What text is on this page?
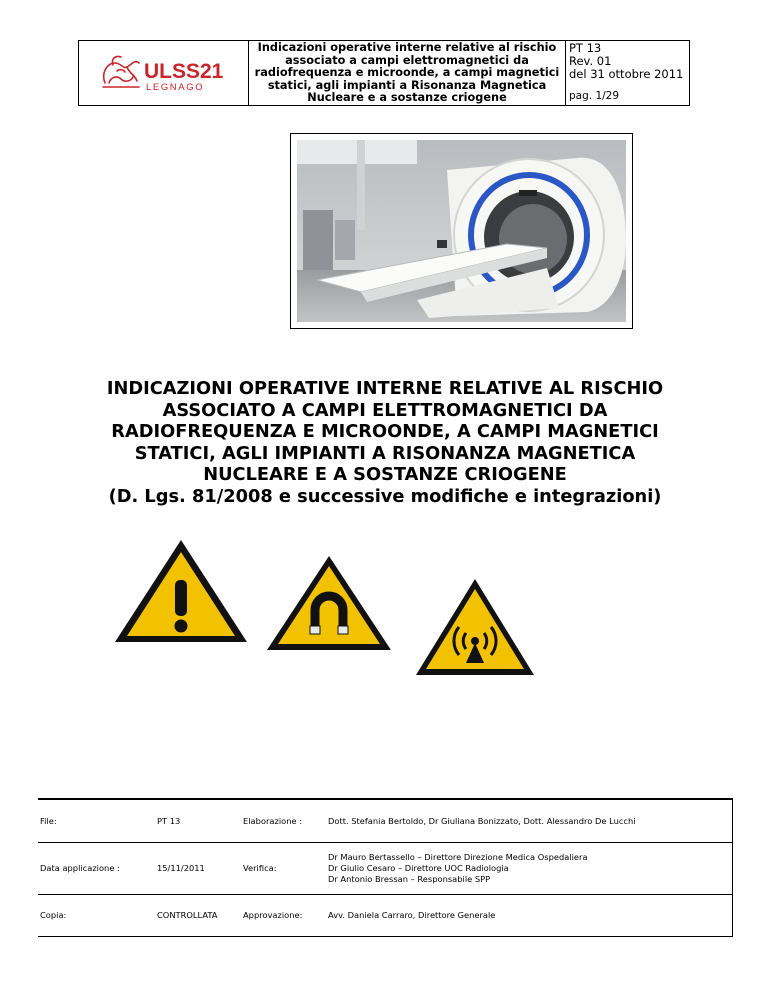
ULSS21
LEGNAGO
Indicazioni operative interne relative al rischio
associato a campi elettromagnetici da
radiofrequenza e microonde, a campi magnetici
statici, agli impianti a Risonanza Magnetica
Nucleare e a sostanze criogene
PT 13
Rev. 01
del 31 ottobre 2011
pag. 1/29
INDICAZIONI OPERATIVE INTERNE RELATIVE AL RISCHIO
ASSOCIATO A CAMPI ELETTROMAGNETICI DA
RADIOFREQUENZA E MICROONDE, A CAMPI MAGNETICI
STATICI, AGLI IMPIANTI A RISONANZA MAGNETICA
NUCLEARE E A SOSTANZE CRIOGENE
(D. Lgs. 81/2008 e successive modifiche e integrazioni)
File:	PT 13	Elaborazione :	Dott. Stefania Bertoldo, Dr Giuliana Bonizzato, Dott. Alessandro De Lucchi

Data applicazione :	15/11/2011	Verifica:	Dr Mauro Bertassello – Direttore Direzione Medica Ospedaliera
Dr Giulio Cesaro – Direttore UOC Radiologia
Dr Antonio Bressan – Responsabile SPP

Copia:	CONTROLLATA	Approvazione:	Avv. Daniela Carraro, Direttore Generale
